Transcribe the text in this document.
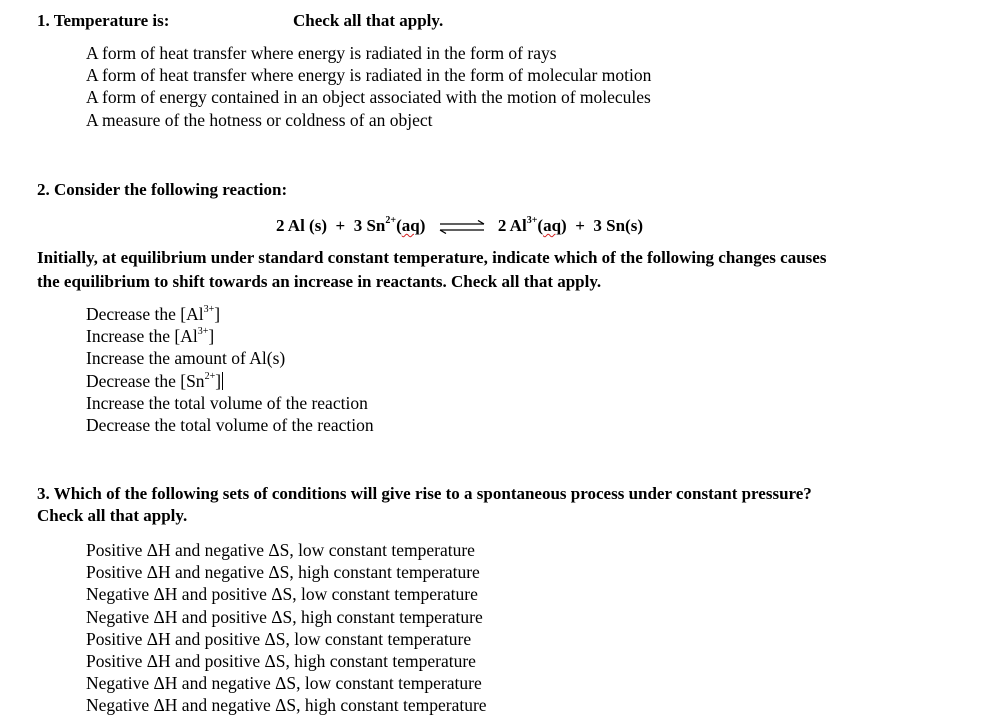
1. Temperature is:	Check all that apply.
A form of heat transfer where energy is radiated in the form of rays
A form of heat transfer where energy is radiated in the form of molecular motion
A form of energy contained in an object associated with the motion of molecules
A measure of the hotness or coldness of an object
2. Consider the following reaction:
2 Al (s) + 3 $Sn^{2+}(aq)$ ⇌ 2 $Al^{3+}(aq) + 3$ Sn(s)
Initially, at equilibrium under standard constant temperature, indicate which of the following changes causes
the equilibrium to shift towards an increase in reactants. Check all that apply.
Decrease the $[Al^{3+}]$
Increase the $[Al^{3+}]$
Increase the amount of Al(s)
Decrease the $[Sn^{2+}]$
Increase the total volume of the reaction
Decrease the total volume of the reaction
3. Which of the following sets of conditions will give rise to a spontaneous process under constant pressure?
Check all that apply.
Positive ΔH and negative ΔS, low constant temperature
Positive ΔH and negative ΔS, high constant temperature
Negative ΔH and positive ΔS, low constant temperature
Negative ΔH and positive ΔS, high constant temperature
Positive ΔH and positive ΔS, low constant temperature
Positive ΔH and positive ΔS, high constant temperature
Negative ΔH and negative ΔS, low constant temperature
Negative ΔH and negative ΔS, high constant temperature
